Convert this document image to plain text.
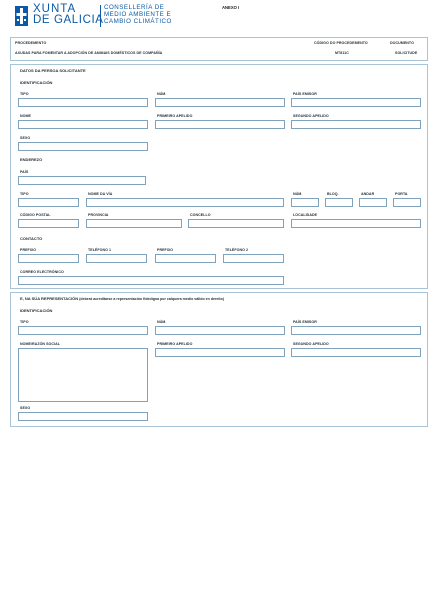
XUNTA
DE GALICIA
CONSELLERÍA DE
MEDIO AMBIENTE E
CAMBIO CLIMÁTICO
ANEXO I
PROCEDEMENTO	CÓDIGO DO PROCEDEMENTO	DOCUMENTO
AXUDAS PARA FOMENTAR A ADOPCIÓN DE ANIMAIS DOMÉSTICOS DE COMPAÑÍA	MT811C	SOLICITUDE
DATOS DA PERSOA SOLICITANTE
IDENTIFICACIÓN
TIPO	NÚM.	PAÍS EMISOR
NOME	PRIMEIRO APELIDO	SEGUNDO APELIDO
SEXO
ENDEREZO
PAÍS
TIPO	NOME DA VÍA	NÚM.	BLOQ.	ANDAR	PORTA
CÓDIGO POSTAL	PROVINCIA	CONCELLO	LOCALIDADE
CONTACTO
PREFIXO	TELÉFONO 1	PREFIXO	TELÉFONO 2
CORREO ELECTRÓNICO
E, NA SÚA REPRESENTACIÓN (deberá acreditarse a representación fidedigna por calquera medio válido en dereito)
IDENTIFICACIÓN
TIPO	NÚM.	PAÍS EMISOR
NOME/RAZÓN SOCIAL	PRIMEIRO APELIDO	SEGUNDO APELIDO
SEXO
